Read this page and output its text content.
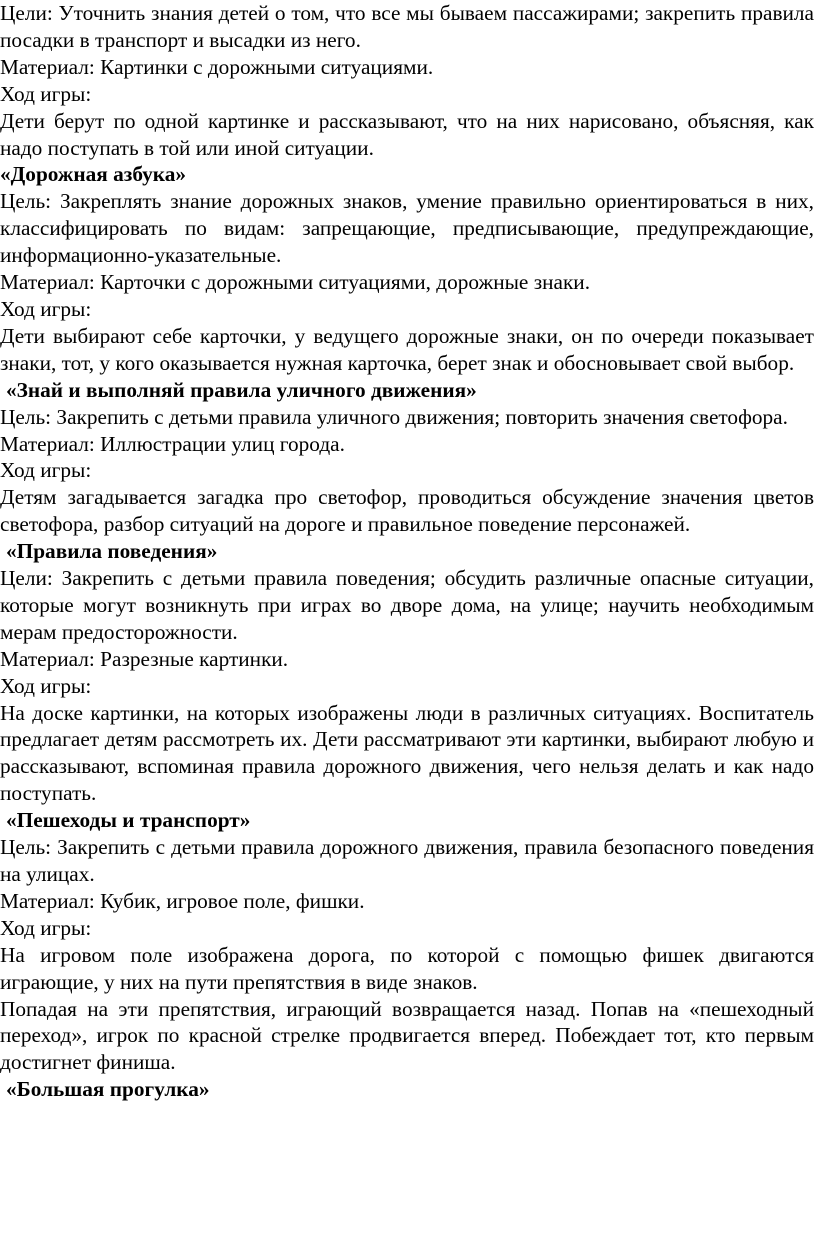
Цели: Уточнить знания детей о том, что все мы бываем пассажирами; закрепить правила посадки в транспорт и высадки из него.

Материал: Картинки с дорожными ситуациями.

Ход игры:

Дети берут по одной картинке и рассказывают, что на них нарисовано, объясняя, как надо поступать в той или иной ситуации.

«Дорожная азбука»

Цель: Закреплять знание дорожных знаков, умение правильно ориентироваться в них, классифицировать по видам: запрещающие, предписывающие, предупреждающие, информационно-указательные.

Материал: Карточки с дорожными ситуациями, дорожные знаки.

Ход игры:

Дети выбирают себе карточки, у ведущего дорожные знаки, он по очереди показывает знаки, тот, у кого оказывается нужная карточка, берет знак и обосновывает свой выбор.

«Знай и выполняй правила уличного движения»

Цель: Закрепить с детьми правила уличного движения; повторить значения светофора.

Материал: Иллюстрации улиц города.

Ход игры:

Детям загадывается загадка про светофор, проводиться обсуждение значения цветов светофора, разбор ситуаций на дороге и правильное поведение персонажей.

«Правила поведения»

Цели: Закрепить с детьми правила поведения; обсудить различные опасные ситуации, которые могут возникнуть при играх во дворе дома, на улице; научить необходимым мерам предосторожности.

Материал: Разрезные картинки.

Ход игры:

На доске картинки, на которых изображены люди в различных ситуациях. Воспитатель предлагает детям рассмотреть их. Дети рассматривают эти картинки, выбирают любую и рассказывают, вспоминая правила дорожного движения, чего нельзя делать и как надо поступать.

«Пешеходы и транспорт»

Цель: Закрепить с детьми правила дорожного движения, правила безопасного поведения на улицах.

Материал: Кубик, игровое поле, фишки.

Ход игры:

На игровом поле изображена дорога, по которой с помощью фишек двигаются играющие, у них на пути препятствия в виде знаков.

Попадая на эти препятствия, играющий возвращается назад. Попав на «пешеходный переход», игрок по красной стрелке продвигается вперед. Побеждает тот, кто первым достигнет финиша.

«Большая прогулка»
